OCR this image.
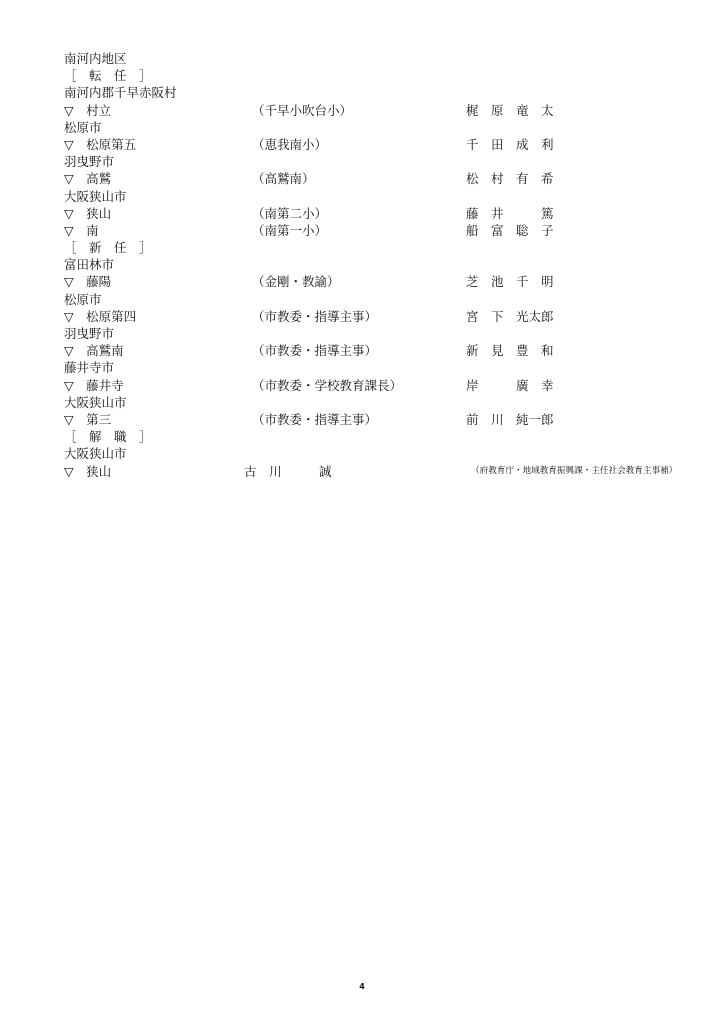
南河内地区
［　転　任　］
南河内郡千早赤阪村
▽　村立	（千早小吹台小）	梶　原　竜　太
松原市
▽　松原第五	（恵我南小）	千　田　成　利
羽曳野市
▽　高鷲	（高鷲南）	松　村　有　希
大阪狭山市
▽　狭山	（南第二小）	藤　井　　　篤
▽　南	（南第一小）	船　富　聡　子
［　新　任　］
富田林市
▽　藤陽	（金剛・教諭）	芝　池　千　明
松原市
▽　松原第四	（市教委・指導主事）	宮　下　光太郎
羽曳野市
▽　高鷲南	（市教委・指導主事）	新　見　豊　和
藤井寺市
▽　藤井寺	（市教委・学校教育課長）	岸　　　廣　幸
大阪狭山市
▽　第三	（市教委・指導主事）	前　川　純一郎
［　解　職　］
大阪狭山市
▽　狭山	古　川　　　誠	（府教育庁・地域教育振興課・主任社会教育主事補）
4
